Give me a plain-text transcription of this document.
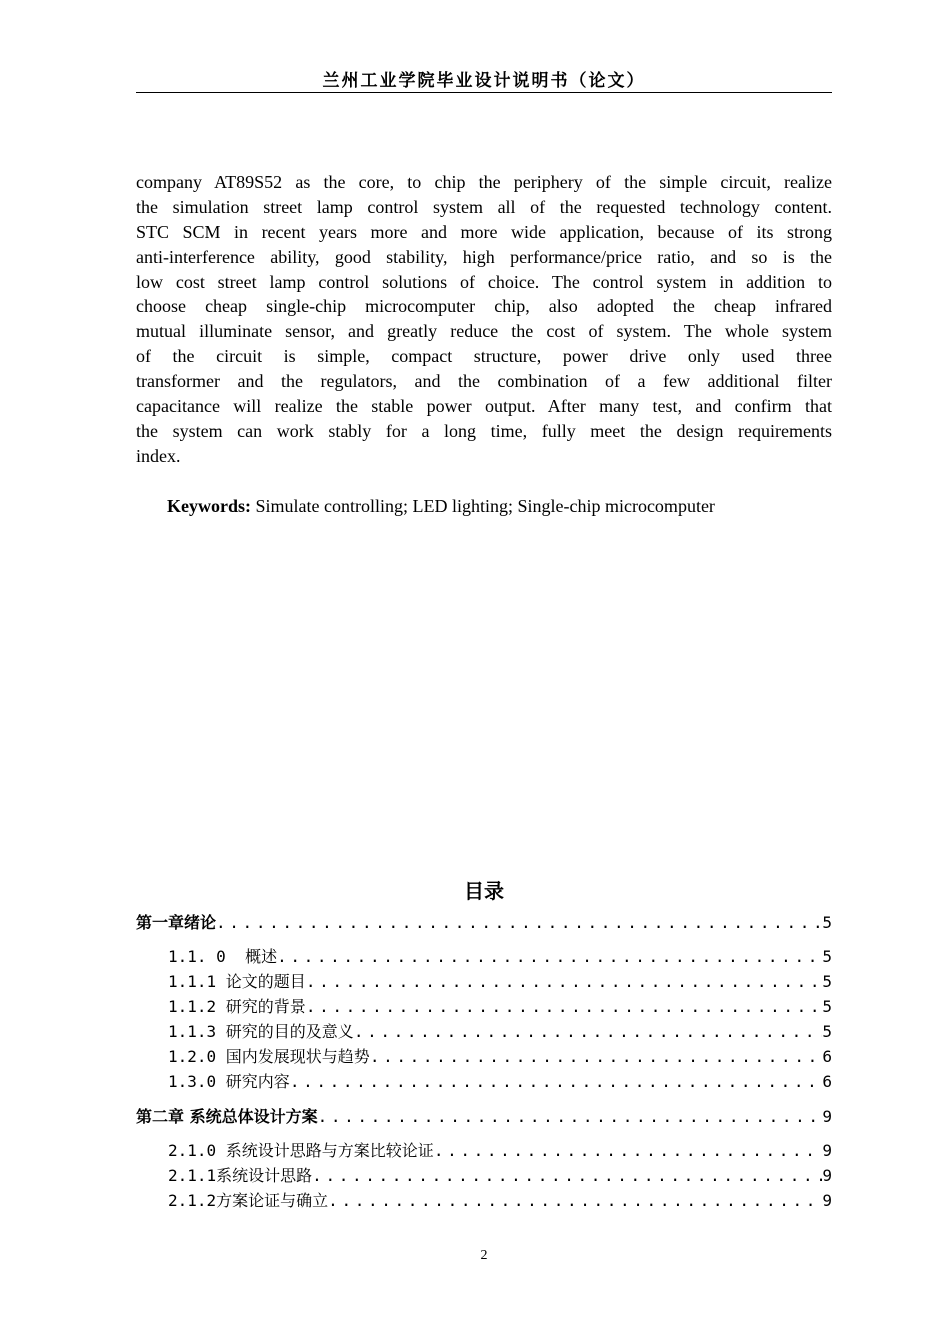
兰州工业学院毕业设计说明书（论文）
company AT89S52 as the core, to chip the periphery of the simple circuit, realize
the simulation street lamp control system all of the requested technology content.
STC SCM in recent years more and more wide application, because of its strong
anti-interference ability, good stability, high performance/price ratio, and so is the
low cost street lamp control solutions of choice. The control system in addition to
choose cheap single-chip microcomputer chip, also adopted the cheap infrared
mutual illuminate sensor, and greatly reduce the cost of system. The whole system
of the circuit is simple, compact structure, power drive only used three
transformer and the regulators, and the combination of a few additional filter
capacitance will realize the stable power output. After many test, and confirm that
the system can work stably for a long time, fully meet the design requirements
index.
Keywords: Simulate controlling; LED lighting; Single-chip microcomputer
目录
第一章绪论 . . .	5
1.1. 0  概述 . . .	5
1.1.1 论文的题目 . . .	5
1.1.2 研究的背景 . . .	5
1.1.3 研究的目的及意义 . . .	5
1.2.0 国内发展现状与趋势 . . .	6
1.3.0 研究内容 . . .	6
第二章 系统总体设计方案 . . .	9
2.1.0 系统设计思路与方案比较论证 . . .	9
2.1.1系统设计思路 . . .	9
2.1.2方案论证与确立 . . .	9
2
